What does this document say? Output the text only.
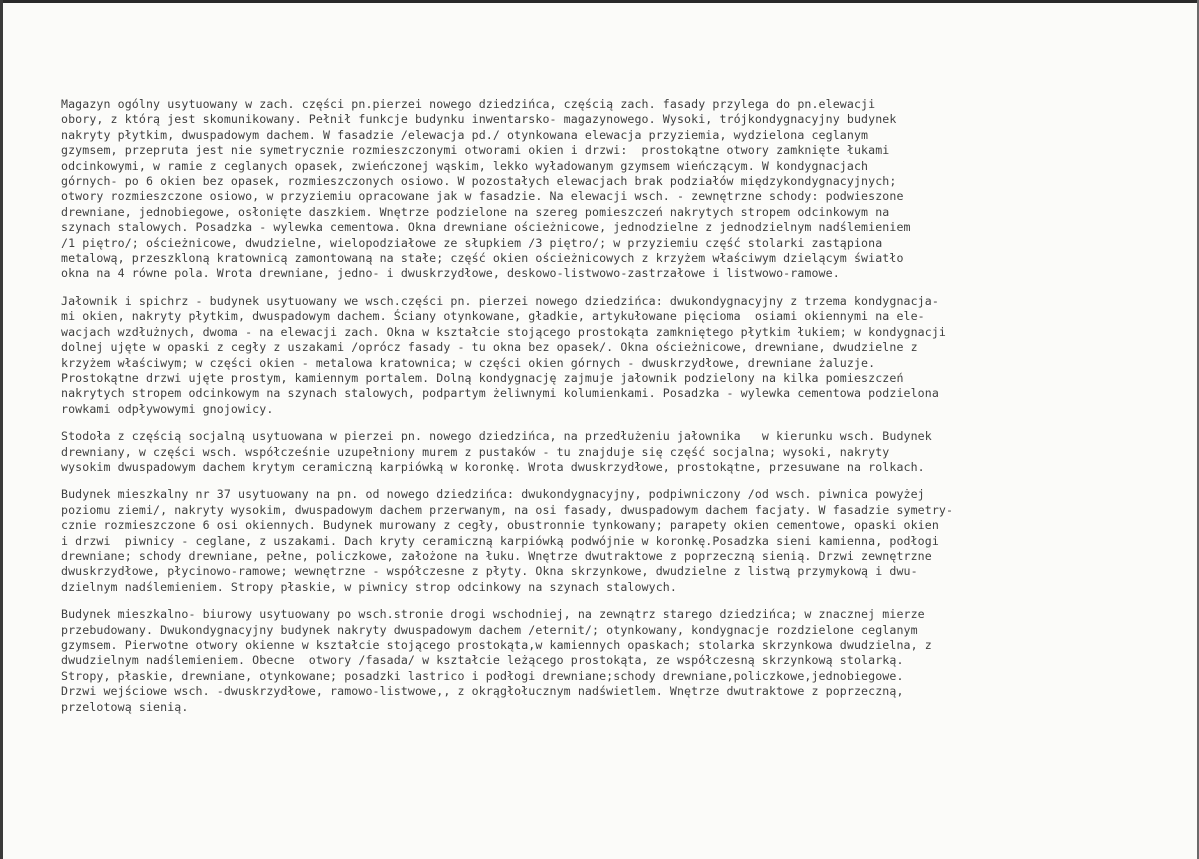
Magazyn ogólny usytuowany w zach. części pn.pierzei nowego dziedzińca, częścią zach. fasady przylega do pn.elewacji
obory, z którą jest skomunikowany. Pełnił funkcje budynku inwentarsko- magazynowego. Wysoki, trójkondygnacyjny budynek
nakryty płytkim, dwuspadowym dachem. W fasadzie /elewacja pd./ otynkowana elewacja przyziemia, wydzielona ceglanym
gzymsem, przepruta jest nie symetrycznie rozmieszczonymi otworami okien i drzwi:  prostokątne otwory zamknięte łukami
odcinkowymi, w ramie z ceglanych opasek, zwieńczonej wąskim, lekko wyładowanym gzymsem wieńczącym. W kondygnacjach
górnych- po 6 okien bez opasek, rozmieszczonych osiowo. W pozostałych elewacjach brak podziałów międzykondygnacyjnych;
otwory rozmieszczone osiowo, w przyziemiu opracowane jak w fasadzie. Na elewacji wsch. - zewnętrzne schody: podwieszone
drewniane, jednobiegowe, osłonięte daszkiem. Wnętrze podzielone na szereg pomieszczeń nakrytych stropem odcinkowym na
szynach stalowych. Posadzka - wylewka cementowa. Okna drewniane ościeżnicowe, jednodzielne z jednodzielnym nadślemieniem
/1 piętro/; ościeżnicowe, dwudzielne, wielopodziałowe ze słupkiem /3 piętro/; w przyziemiu część stolarki zastąpiona
metalową, przeszkloną kratownicą zamontowaną na stałe; część okien ościeżnicowych z krzyżem właściwym dzielącym światło
okna na 4 równe pola. Wrota drewniane, jedno- i dwuskrzydłowe, deskowo-listwowo-zastrzałowe i listwowo-ramowe.

Jałownik i spichrz - budynek usytuowany we wsch.części pn. pierzei nowego dziedzińca: dwukondygnacyjny z trzema kondygnacja-
mi okien, nakryty płytkim, dwuspadowym dachem. Ściany otynkowane, gładkie, artykułowane pięcioma  osiami okiennymi na ele-
wacjach wzdłużnych, dwoma - na elewacji zach. Okna w kształcie stojącego prostokąta zamkniętego płytkim łukiem; w kondygnacji
dolnej ujęte w opaski z cegły z uszakami /oprócz fasady - tu okna bez opasek/. Okna ościeżnicowe, drewniane, dwudzielne z
krzyżem właściwym; w części okien - metalowa kratownica; w części okien górnych - dwuskrzydłowe, drewniane żaluzje.
Prostokątne drzwi ujęte prostym, kamiennym portalem. Dolną kondygnację zajmuje jałownik podzielony na kilka pomieszczeń
nakrytych stropem odcinkowym na szynach stalowych, podpartym żeliwnymi kolumienkami. Posadzka - wylewka cementowa podzielona
rowkami odpływowymi gnojowicy.

Stodoła z częścią socjalną usytuowana w pierzei pn. nowego dziedzińca, na przedłużeniu jałownika   w kierunku wsch. Budynek
drewniany, w części wsch. współcześnie uzupełniony murem z pustaków - tu znajduje się część socjalna; wysoki, nakryty
wysokim dwuspadowym dachem krytym ceramiczną karpiówką w koronkę. Wrota dwuskrzydłowe, prostokątne, przesuwane na rolkach.

Budynek mieszkalny nr 37 usytuowany na pn. od nowego dziedzińca: dwukondygnacyjny, podpiwniczony /od wsch. piwnica powyżej
poziomu ziemi/, nakryty wysokim, dwuspadowym dachem przerwanym, na osi fasady, dwuspadowym dachem facjaty. W fasadzie symetry-
cznie rozmieszczone 6 osi okiennych. Budynek murowany z cegły, obustronnie tynkowany; parapety okien cementowe, opaski okien
i drzwi  piwnicy - ceglane, z uszakami. Dach kryty ceramiczną karpiówką podwójnie w koronkę.Posadzka sieni kamienna, podłogi
drewniane; schody drewniane, pełne, policzkowe, założone na łuku. Wnętrze dwutraktowe z poprzeczną sienią. Drzwi zewnętrzne
dwuskrzydłowe, płycinowo-ramowe; wewnętrzne - współczesne z płyty. Okna skrzynkowe, dwudzielne z listwą przymykową i dwu-
dzielnym nadślemieniem. Stropy płaskie, w piwnicy strop odcinkowy na szynach stalowych.

Budynek mieszkalno- biurowy usytuowany po wsch.stronie drogi wschodniej, na zewnątrz starego dziedzińca; w znacznej mierze
przebudowany. Dwukondygnacyjny budynek nakryty dwuspadowym dachem /eternit/; otynkowany, kondygnacje rozdzielone ceglanym
gzymsem. Pierwotne otwory okienne w kształcie stojącego prostokąta,w kamiennych opaskach; stolarka skrzynkowa dwudzielna, z
dwudzielnym nadślemieniem. Obecne  otwory /fasada/ w kształcie leżącego prostokąta, ze współczesną skrzynkową stolarką.
Stropy, płaskie, drewniane, otynkowane; posadzki lastrico i podłogi drewniane;schody drewniane,policzkowe,jednobiegowe.
Drzwi wejściowe wsch. -dwuskrzydłowe, ramowo-listwowe,, z okrągłołucznym nadświetlem. Wnętrze dwutraktowe z poprzeczną,
przelotową sienią.
